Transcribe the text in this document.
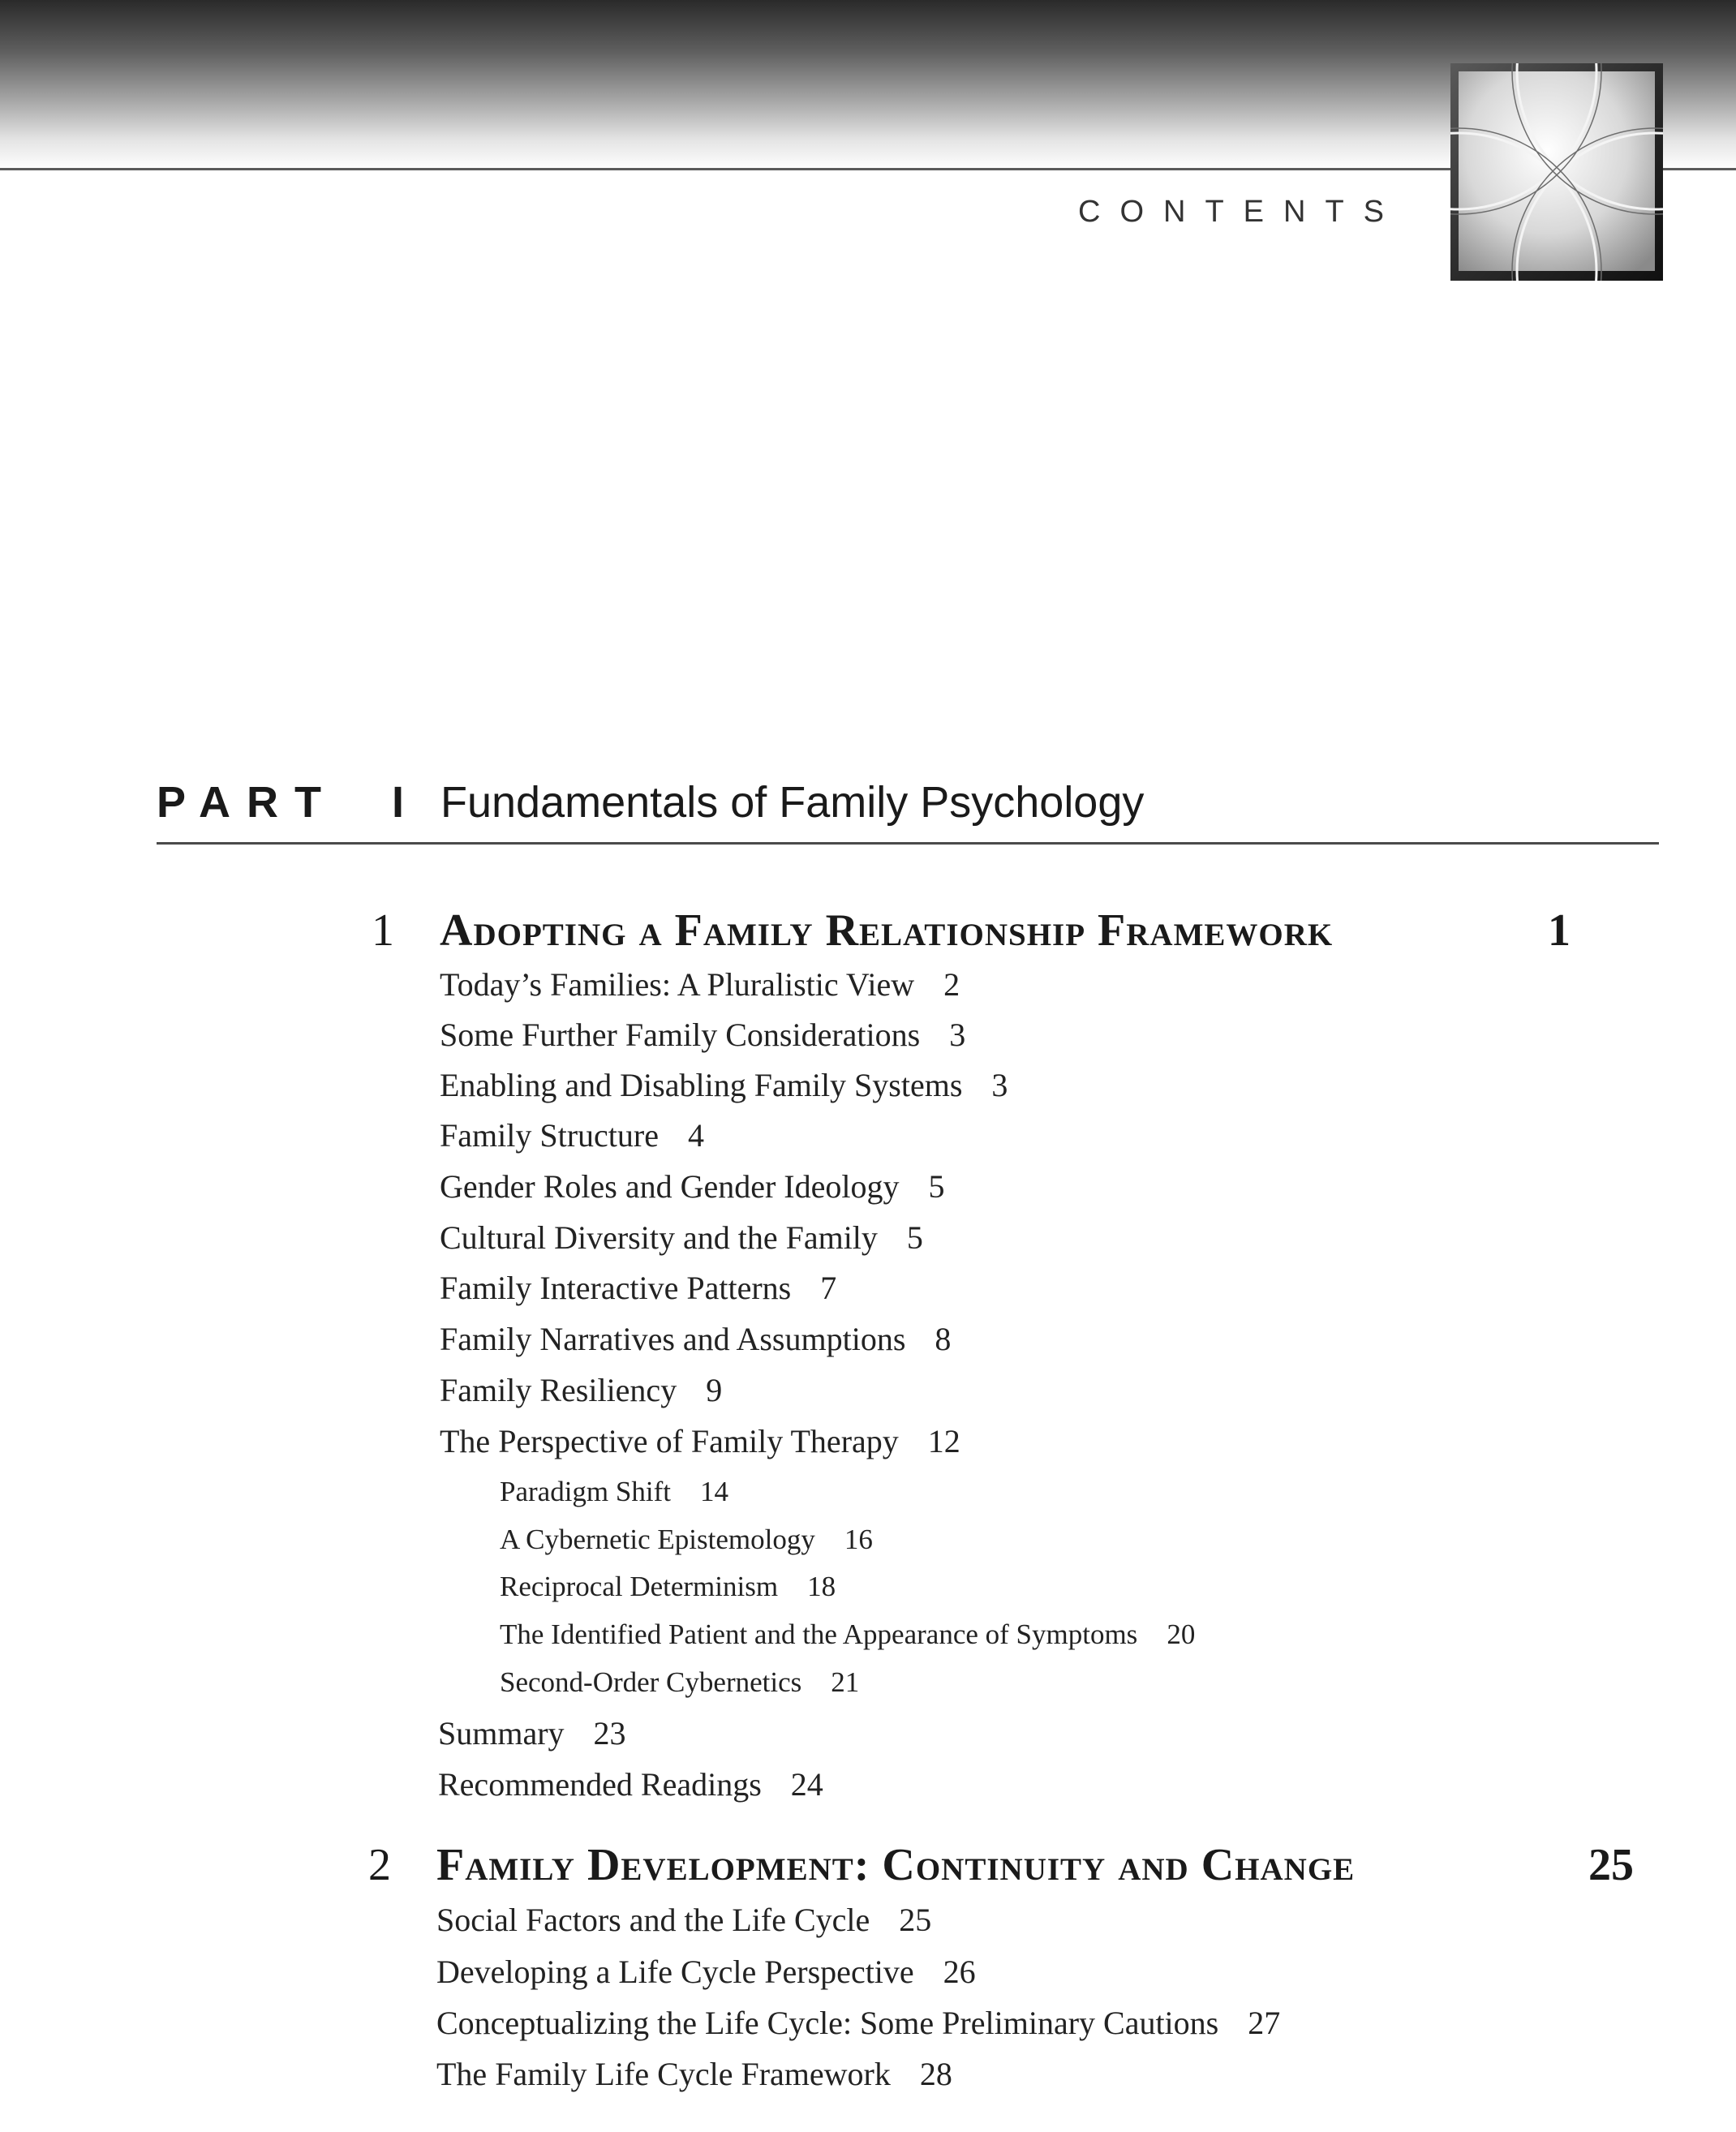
CONTENTS
PART I Fundamentals of Family Psychology
1 Adopting a Family Relationship Framework	1
Today’s Families: A Pluralistic View 2
Some Further Family Considerations 3
Enabling and Disabling Family Systems 3
Family Structure 4
Gender Roles and Gender Ideology 5
Cultural Diversity and the Family 5
Family Interactive Patterns 7
Family Narratives and Assumptions 8
Family Resiliency 9
The Perspective of Family Therapy 12
Paradigm Shift 14
A Cybernetic Epistemology 16
Reciprocal Determinism 18
The Identified Patient and the Appearance of Symptoms 20
Second-Order Cybernetics 21
Summary 23
Recommended Readings 24
2 Family Development: Continuity and Change	25
Social Factors and the Life Cycle 25
Developing a Life Cycle Perspective 26
Conceptualizing the Life Cycle: Some Preliminary Cautions 27
The Family Life Cycle Framework 28
